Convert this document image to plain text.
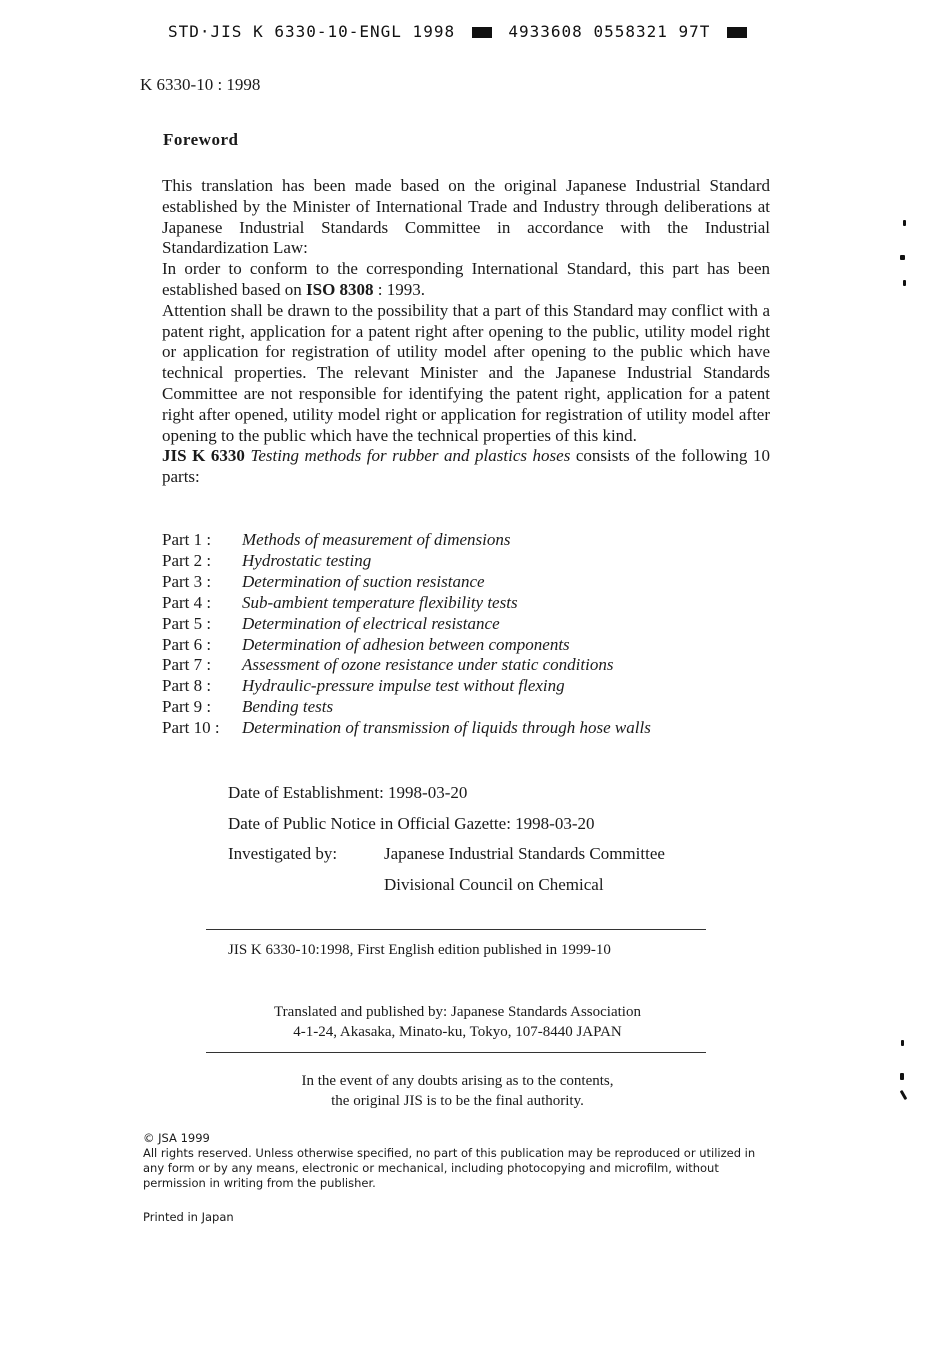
STD·JIS K 6330-10-ENGL 1998	4933608 0558321 97T
K 6330-10 : 1998
Foreword

This translation has been made based on the original Japanese Industrial Standard established by the Minister of International Trade and Industry through deliberations at Japanese Industrial Standards Committee in accordance with the Industrial Standardization Law:

In order to conform to the corresponding International Standard, this part has been established based on ISO 8308 : 1993.

Attention shall be drawn to the possibility that a part of this Standard may conflict with a patent right, application for a patent right after opening to the public, utility model right or application for registration of utility model after opening to the public which have technical properties. The relevant Minister and the Japanese Industrial Standards Committee are not responsible for identifying the patent right, application for a patent right after opened, utility model right or application for registration of utility model after opening to the public which have the technical properties of this kind.

JIS K 6330 Testing methods for rubber and plastics hoses consists of the following 10 parts:

Part 1 :	Methods of measurement of dimensions
Part 2 :	Hydrostatic testing
Part 3 :	Determination of suction resistance
Part 4 :	Sub-ambient temperature flexibility tests
Part 5 :	Determination of electrical resistance
Part 6 :	Determination of adhesion between components
Part 7 :	Assessment of ozone resistance under static conditions
Part 8 :	Hydraulic-pressure impulse test without flexing
Part 9 :	Bending tests
Part 10 :	Determination of transmission of liquids through hose walls
Date of Establishment: 1998-03-20
Date of Public Notice in Official Gazette: 1998-03-20
Investigated by:	Japanese Industrial Standards Committee
Divisional Council on Chemical
JIS K 6330-10:1998, First English edition published in 1999-10
Translated and published by: Japanese Standards Association
4-1-24, Akasaka, Minato-ku, Tokyo, 107-8440 JAPAN
In the event of any doubts arising as to the contents,
the original JIS is to be the final authority.

© JSA 1999

All rights reserved. Unless otherwise specified, no part of this publication may be reproduced or utilized in any form or by any means, electronic or mechanical, including photocopying and microfilm, without permission in writing from the publisher.

Printed in Japan
